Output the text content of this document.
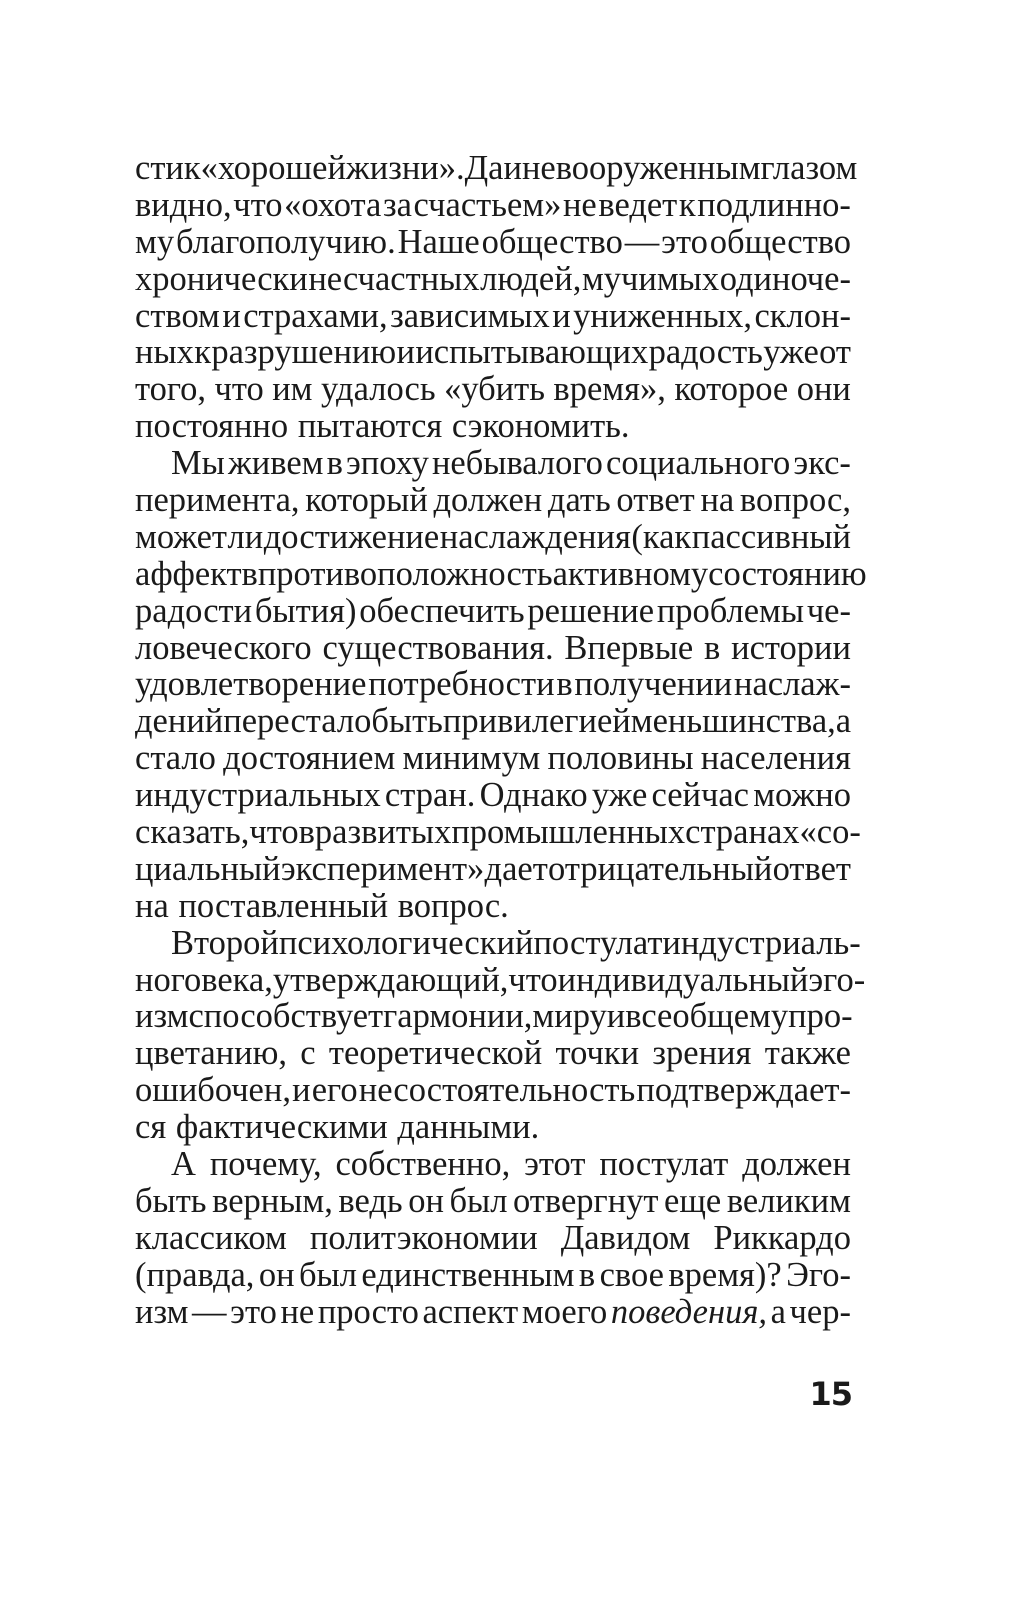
сти к «хорошей жизни». Да и невооруженным глазом
видно, что «охота за счастьем» не ведет к подлинно-
му благополучию. Наше общество — это общество
хронически несчастных людей, мучимых одиноче-
ством и страхами, зависимых и униженных, склон-
ных к разрушению и испытывающих радость уже от
того, что им удалось «убить время», которое они
постоянно пытаются сэкономить.
Мы живем в эпоху небывалого социального экс-
перимента, который должен дать ответ на вопрос,
может ли достижение наслаждения (как пассивный
аффект в противоположность активному состоянию
радости бытия) обеспечить решение проблемы че-
ловеческого существования. Впервые в истории
удовлетворение потребности в получении наслаж-
дений перестало быть привилегией меньшинства, а
стало достоянием минимум половины населения
индустриальных стран. Однако уже сейчас можно
сказать, что в развитых промышленных странах «со-
циальный эксперимент» дает отрицательный ответ
на поставленный вопрос.
Второй психологический постулат индустриаль-
ного века, утверждающий, что индивидуальный эго-
изм способствует гармонии, миру и всеобщему про-
цветанию, с теоретической точки зрения также
ошибочен, и его несостоятельность подтверждает-
ся фактическими данными.
А почему, собственно, этот постулат должен
быть верным, ведь он был отвергнут еще великим
классиком политэкономии Давидом Риккардо
(правда, он был единственным в свое время)? Эго-
изм — это не просто аспект моего поведения, а чер-
15
